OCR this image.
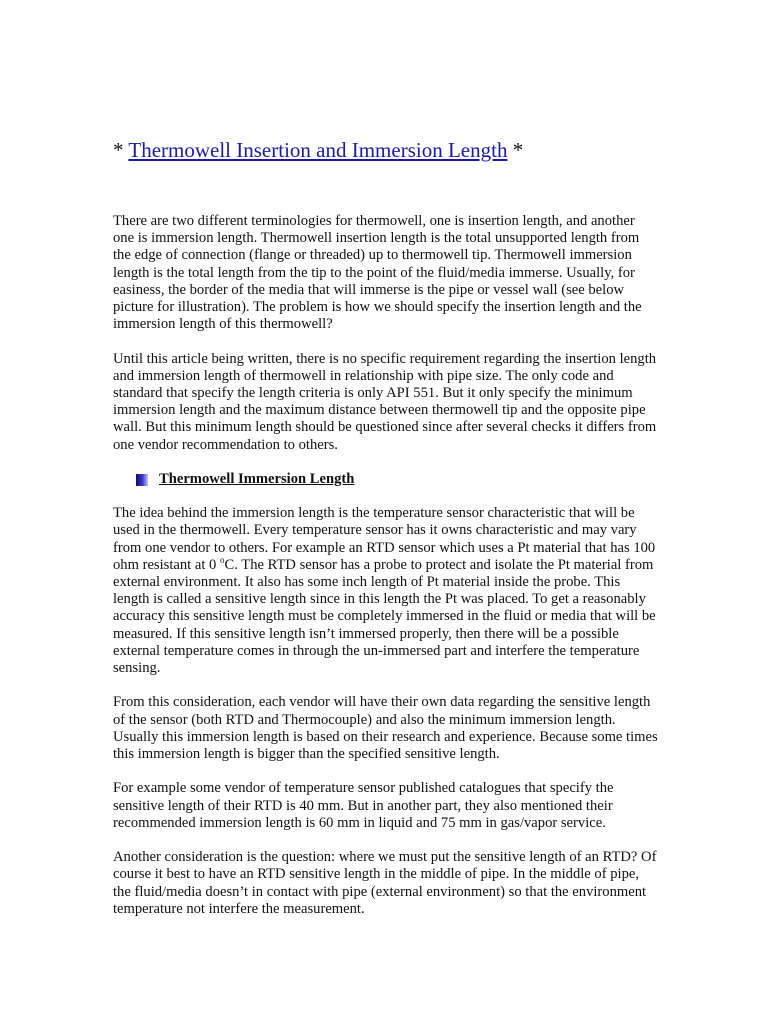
* Thermowell Insertion and Immersion Length *

There are two different terminologies for thermowell, one is insertion length, and another one is immersion length. Thermowell insertion length is the total unsupported length from the edge of connection (flange or threaded) up to thermowell tip. Thermowell immersion length is the total length from the tip to the point of the fluid/media immerse. Usually, for easiness, the border of the media that will immerse is the pipe or vessel wall (see below picture for illustration). The problem is how we should specify the insertion length and the immersion length of this thermowell?

Until this article being written, there is no specific requirement regarding the insertion length and immersion length of thermowell in relationship with pipe size. The only code and standard that specify the length criteria is only API 551. But it only specify the minimum immersion length and the maximum distance between thermowell tip and the opposite pipe wall. But this minimum length should be questioned since after several checks it differs from one vendor recommendation to others.

Thermowell Immersion Length

The idea behind the immersion length is the temperature sensor characteristic that will be used in the thermowell. Every temperature sensor has it owns characteristic and may vary from one vendor to others. For example an RTD sensor which uses a Pt material that has 100 ohm resistant at 0 $^o$C. The RTD sensor has a probe to protect and isolate the Pt material from external environment. It also has some inch length of Pt material inside the probe. This length is called a sensitive length since in this length the Pt was placed. To get a reasonably accuracy this sensitive length must be completely immersed in the fluid or media that will be measured. If this sensitive length isn’t immersed properly, then there will be a possible external temperature comes in through the un-immersed part and interfere the temperature sensing.

From this consideration, each vendor will have their own data regarding the sensitive length of the sensor (both RTD and Thermocouple) and also the minimum immersion length. Usually this immersion length is based on their research and experience. Because some times this immersion length is bigger than the specified sensitive length.

For example some vendor of temperature sensor published catalogues that specify the sensitive length of their RTD is 40 mm. But in another part, they also mentioned their recommended immersion length is 60 mm in liquid and 75 mm in gas/vapor service.

Another consideration is the question: where we must put the sensitive length of an RTD? Of course it best to have an RTD sensitive length in the middle of pipe. In the middle of pipe, the fluid/media doesn’t in contact with pipe (external environment) so that the environment temperature not interfere the measurement.
